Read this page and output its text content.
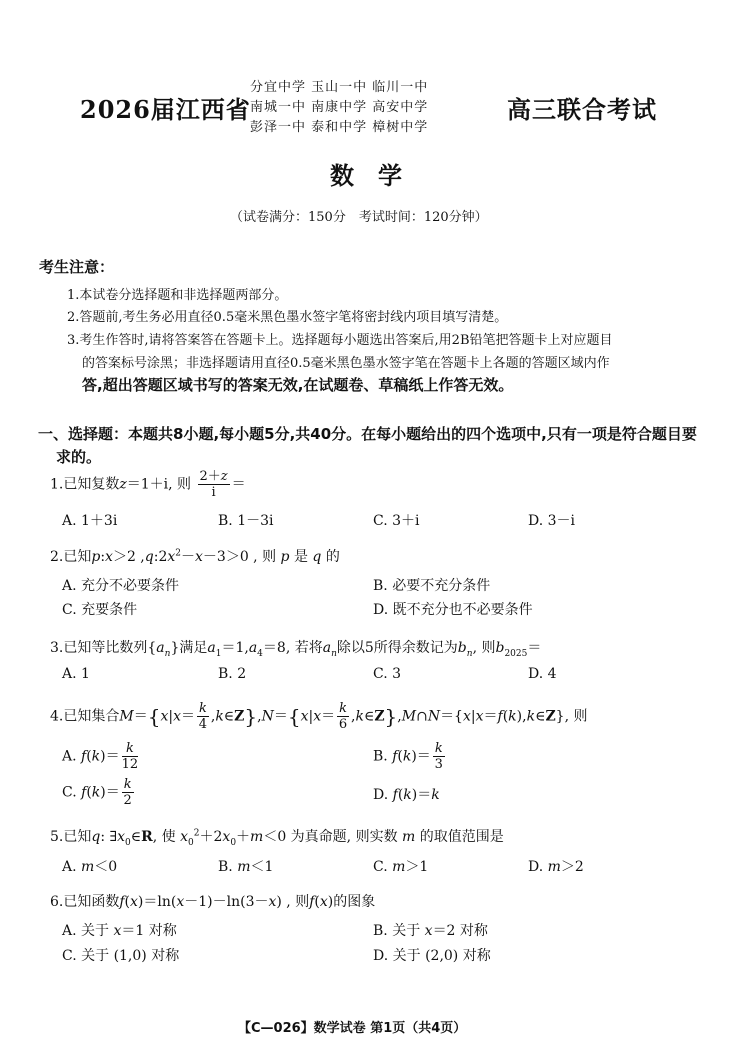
2026届江西省
分宜中学 玉山一中 临川一中
南城一中 南康中学 高安中学
彭泽一中 泰和中学 樟树中学
高三联合考试
数学
（试卷满分：150分　考试时间：120分钟）
考生注意：
1.本试卷分选择题和非选择题两部分。
2.答题前,考生务必用直径0.5毫米黑色墨水签字笔将密封线内项目填写清楚。
3.考生作答时,请将答案答在答题卡上。选择题每小题选出答案后,用2B铅笔把答题卡上对应题目
的答案标号涂黑；非选择题请用直径0.5毫米黑色墨水签字笔在答题卡上各题的答题区域内作
答,超出答题区域书写的答案无效,在试题卷、草稿纸上作答无效。
一、选择题：本题共8小题,每小题5分,共40分。在每小题给出的四个选项中,只有一项是符合题目要
求的。
1.已知复数z＝1＋i, 则 $\frac{2+z}{i}$ ＝
A. 1＋3i	B. 1－3i	C. 3＋i	D. 3－i
2.已知p:x＞2 $,q:2x^2-x-3>0$ , 则 p 是 q 的
A. 充分不必要条件	B. 必要不充分条件
C. 充要条件	D. 既不充分也不必要条件
3.已知等比数列$\{a_n\}$满足$a_1=1,a_4=8$, 若将$a_n$除以5所得余数记为$b_n$, 则$b_{2025}=$
A. 1	B. 2	C. 3	D. 4
4.已知集合$M=\{x|x= \frac{k}{4}$ ,k∈Z},N＝{x|x＝ $\frac{k}{6}$ ,k∈Z},M∩N＝{x|x＝f(k),k∈Z}, 则
A. $f(k)= \frac{k}{12}$	B. $f(k)= \frac{k}{3}$
C. $f(k)= \frac{k}{2}$	D. f(k)＝k
5.已知q: $\exists x_0\in R$, 使 $x_0^2+2x_0+m<0$ 为真命题, 则实数 m 的取值范围是
A. m＜0	B. m＜1	C. m＞1	D. m＞2
6.已知函数f(x)＝ln(x－1)－ln(3－x) , 则f(x)的图象
A. 关于 x＝1 对称	B. 关于 x＝2 对称
C. 关于 (1,0) 对称	D. 关于 (2,0) 对称
【C—026】数学试卷 第1页（共4页）
